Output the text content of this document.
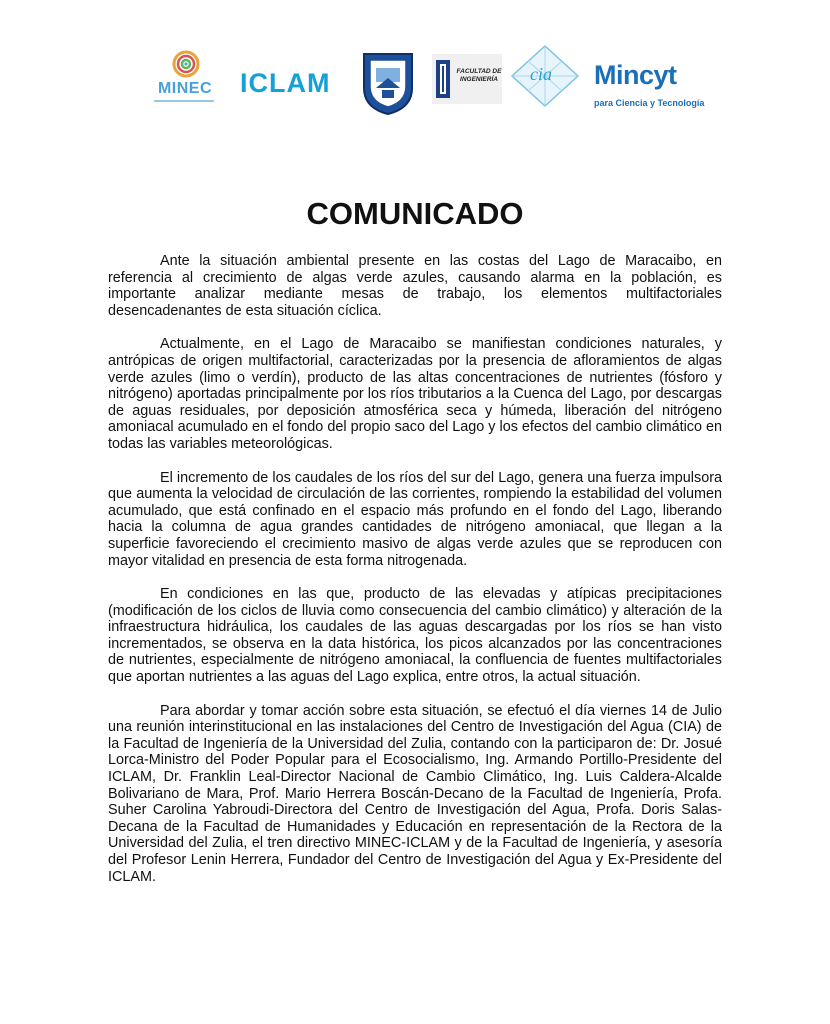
MINEC ICLAM	FACULTAD DE INGENIERÍA cia Mincyt
para Ciencia y Tecnología
COMUNICADO

Ante la situación ambiental presente en las costas del Lago de Maracaibo, en referencia al crecimiento de algas verde azules, causando alarma en la población, es importante analizar mediante mesas de trabajo, los elementos multifactoriales desencadenantes de esta situación cíclica.

Actualmente, en el Lago de Maracaibo se manifiestan condiciones naturales, y antrópicas de origen multifactorial, caracterizadas por la presencia de afloramientos de algas verde azules (limo o verdín), producto de las altas concentraciones de nutrientes (fósforo y nitrógeno) aportadas principalmente por los ríos tributarios a la Cuenca del Lago, por descargas de aguas residuales, por deposición atmosférica seca y húmeda, liberación del nitrógeno amoniacal acumulado en el fondo del propio saco del Lago y los efectos del cambio climático en todas las variables meteorológicas.

El incremento de los caudales de los ríos del sur del Lago, genera una fuerza impulsora que aumenta la velocidad de circulación de las corrientes, rompiendo la estabilidad del volumen acumulado, que está confinado en el espacio más profundo en el fondo del Lago, liberando hacia la columna de agua grandes cantidades de nitrógeno amoniacal, que llegan a la superficie favoreciendo el crecimiento masivo de algas verde azules que se reproducen con mayor vitalidad en presencia de esta forma nitrogenada.

En condiciones en las que, producto de las elevadas y atípicas precipitaciones (modificación de los ciclos de lluvia como consecuencia del cambio climático) y alteración de la infraestructura hidráulica, los caudales de las aguas descargadas por los ríos se han visto incrementados, se observa en la data histórica, los picos alcanzados por las concentraciones de nutrientes, especialmente de nitrógeno amoniacal, la confluencia de fuentes multifactoriales que aportan nutrientes a las aguas del Lago explica, entre otros, la actual situación.

Para abordar y tomar acción sobre esta situación, se efectuó el día viernes 14 de Julio una reunión interinstitucional en las instalaciones del Centro de Investigación del Agua (CIA) de la Facultad de Ingeniería de la Universidad del Zulia, contando con la participaron de: Dr. Josué Lorca-Ministro del Poder Popular para el Ecosocialismo, Ing. Armando Portillo-Presidente del ICLAM, Dr. Franklin Leal-Director Nacional de Cambio Climático, Ing. Luis Caldera-Alcalde Bolivariano de Mara, Prof. Mario Herrera Boscán-Decano de la Facultad de Ingeniería, Profa. Suher Carolina Yabroudi-Directora del Centro de Investigación del Agua, Profa. Doris Salas-Decana de la Facultad de Humanidades y Educación en representación de la Rectora de la Universidad del Zulia, el tren directivo MINEC-ICLAM y de la Facultad de Ingeniería, y asesoría del Profesor Lenin Herrera, Fundador del Centro de Investigación del Agua y Ex-Presidente del ICLAM.
